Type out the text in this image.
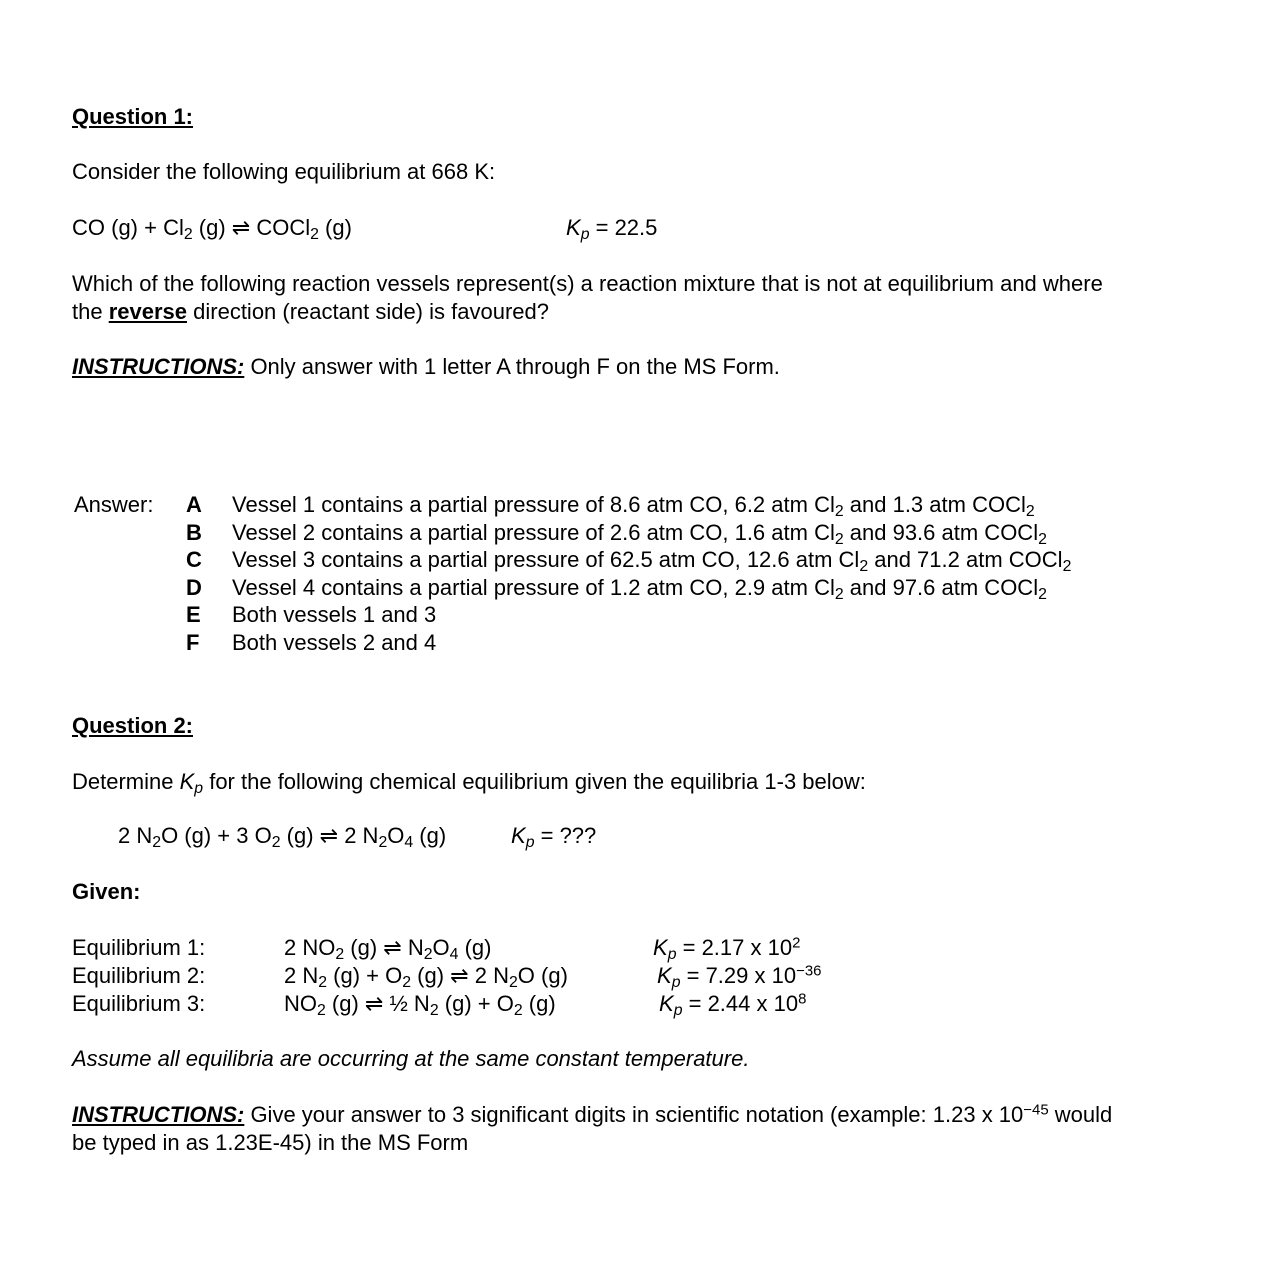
Question 1:
Consider the following equilibrium at 668 K:
CO $(g) + Cl_2$ (g) ⇌ COCl$_2$ (g)	$K_p = 22.5$
Which of the following reaction vessels represent(s) a reaction mixture that is not at equilibrium and where
the reverse direction (reactant side) is favoured?
INSTRUCTIONS: Only answer with 1 letter A through F on the MS Form.
Answer: A Vessel 1 contains a partial pressure of 8.6 atm CO, 6.2 atm $Cl_2$ and 1.3 atm COCl$_2$
B Vessel 2 contains a partial pressure of 2.6 atm CO, 1.6 atm $Cl_2$ and 93.6 atm COCl$_2$
C Vessel 3 contains a partial pressure of 62.5 atm CO, 12.6 atm $Cl_2$ and 71.2 atm COCl$_2$
D Vessel 4 contains a partial pressure of 1.2 atm CO, 2.9 atm $Cl_2$ and 97.6 atm COCl$_2$
E Both vessels 1 and 3
F Both vessels 2 and 4
Question 2:
Determine $K_p$ for the following chemical equilibrium given the equilibria 1-3 below:
2 $N_2O$ (g) + 3 $O_2$ (g) ⇌ 2 $N_2O_4$ (g)	$K_p$ = ???
Given:
Equilibrium 1:	2 $NO_2$ (g) ⇌ $N_2O_4$ (g)	$K_p = 2.17$ x $10^2$
Equilibrium 2:	2 $N_2$ $(g) + O_2$ (g) ⇌ 2 $N_2O$ (g)	$K_p = 7.29$ x $10^{-36}$
Equilibrium 3:	$NO_2$ (g) ⇌ ½ $N_2$ $(g) + O_2$ (g)	$K_p = 2.44$ x $10^8$
Assume all equilibria are occurring at the same constant temperature.
INSTRUCTIONS: Give your answer to 3 significant digits in scientific notation (example: 1.23 x $10^{-45}$ would
be typed in as 1.23E-45) in the MS Form
